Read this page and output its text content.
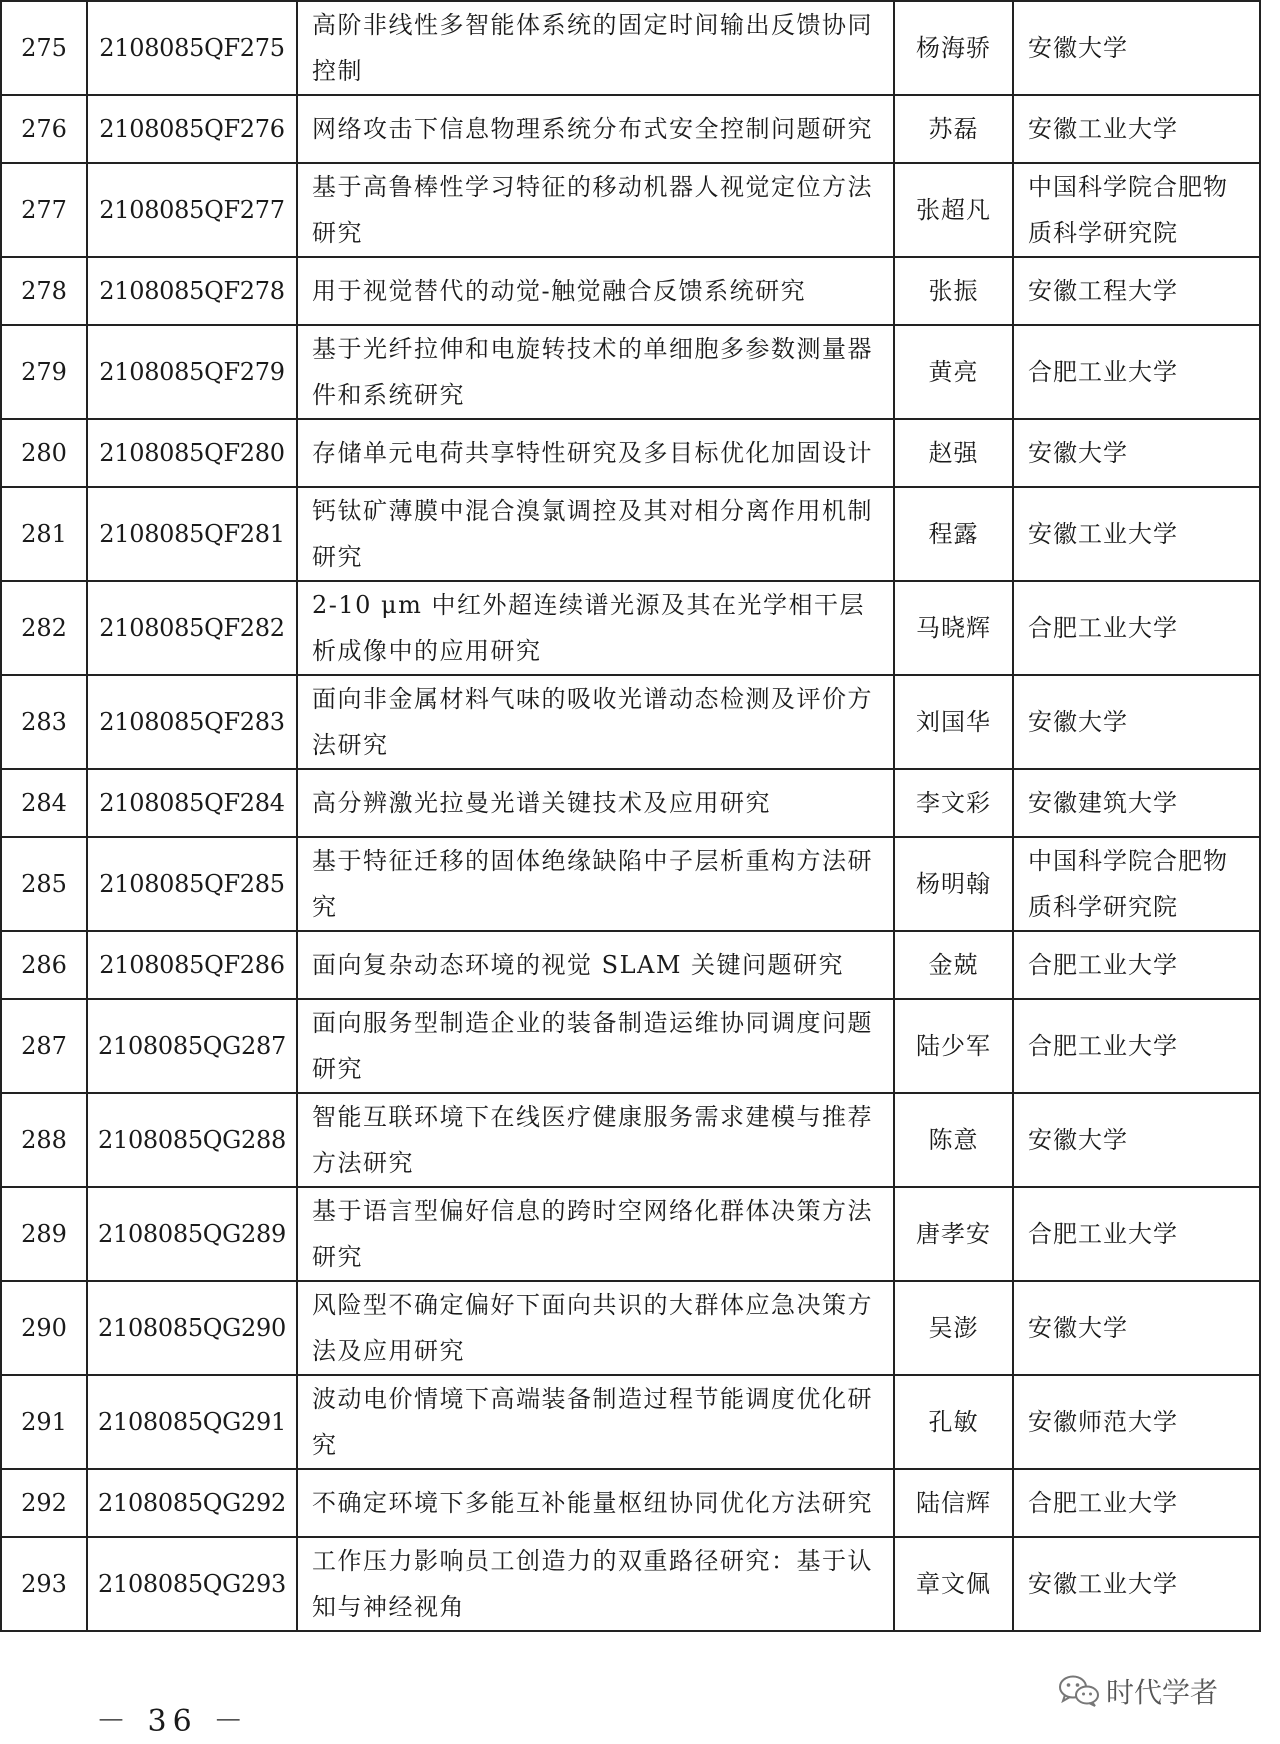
275	2108085QF275	高阶非线性多智能体系统的固定时间输出反馈协同控制	杨海骄	安徽大学
276	2108085QF276	网络攻击下信息物理系统分布式安全控制问题研究	苏磊	安徽工业大学
277	2108085QF277	基于高鲁棒性学习特征的移动机器人视觉定位方法研究	张超凡	中国科学院合肥物质科学研究院
278	2108085QF278	用于视觉替代的动觉-触觉融合反馈系统研究	张振	安徽工程大学
279	2108085QF279	基于光纤拉伸和电旋转技术的单细胞多参数测量器件和系统研究	黄亮	合肥工业大学
280	2108085QF280	存储单元电荷共享特性研究及多目标优化加固设计	赵强	安徽大学
281	2108085QF281	钙钛矿薄膜中混合溴氯调控及其对相分离作用机制研究	程露	安徽工业大学
282	2108085QF282	2-10 μm 中红外超连续谱光源及其在光学相干层析成像中的应用研究	马晓辉	合肥工业大学
283	2108085QF283	面向非金属材料气味的吸收光谱动态检测及评价方法研究	刘国华	安徽大学
284	2108085QF284	高分辨激光拉曼光谱关键技术及应用研究	李文彩	安徽建筑大学
285	2108085QF285	基于特征迁移的固体绝缘缺陷中子层析重构方法研究	杨明翰	中国科学院合肥物质科学研究院
286	2108085QF286	面向复杂动态环境的视觉 SLAM 关键问题研究	金兢	合肥工业大学
287	2108085QG287	面向服务型制造企业的装备制造运维协同调度问题研究	陆少军	合肥工业大学
288	2108085QG288	智能互联环境下在线医疗健康服务需求建模与推荐方法研究	陈意	安徽大学
289	2108085QG289	基于语言型偏好信息的跨时空网络化群体决策方法研究	唐孝安	合肥工业大学
290	2108085QG290	风险型不确定偏好下面向共识的大群体应急决策方法及应用研究	吴澎	安徽大学
291	2108085QG291	波动电价情境下高端装备制造过程节能调度优化研究	孔敏	安徽师范大学
292	2108085QG292	不确定环境下多能互补能量枢纽协同优化方法研究	陆信辉	合肥工业大学
293	2108085QG293	工作压力影响员工创造力的双重路径研究：基于认知与神经视角	章文佩	安徽工业大学
－ 36 －
时代学者
